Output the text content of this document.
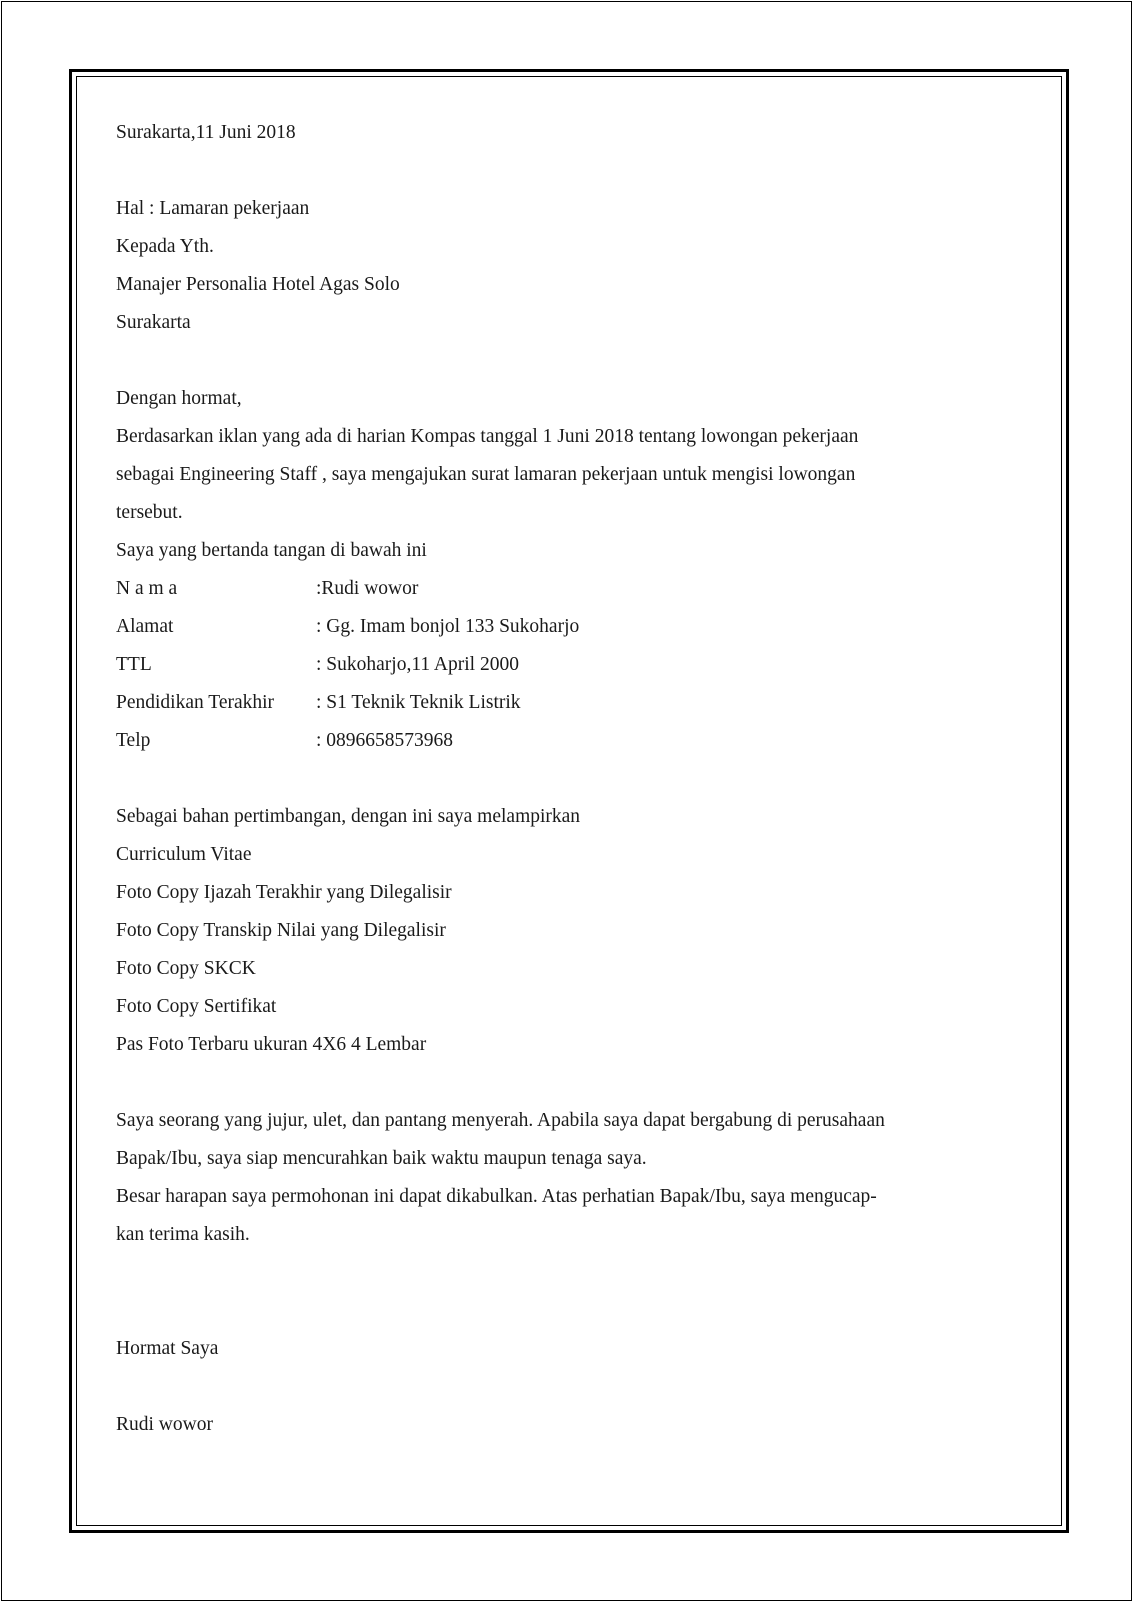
Surakarta,11 Juni 2018

Hal : Lamaran pekerjaan

Kepada Yth.

Manajer Personalia Hotel Agas Solo

Surakarta

Dengan hormat,

Berdasarkan iklan yang ada di harian Kompas tanggal 1 Juni 2018 tentang lowongan pekerjaan

sebagai Engineering Staff , saya mengajukan surat lamaran pekerjaan untuk mengisi lowongan

tersebut.

Saya yang bertanda tangan di bawah ini

N a m a	:Rudi wowor
Alamat	: Gg. Imam bonjol 133 Sukoharjo
TTL	: Sukoharjo,11 April 2000
Pendidikan Terakhir	: S1 Teknik Teknik Listrik
Telp	: 0896658573968

Sebagai bahan pertimbangan, dengan ini saya melampirkan

Curriculum Vitae

Foto Copy Ijazah Terakhir yang Dilegalisir

Foto Copy Transkip Nilai yang Dilegalisir

Foto Copy SKCK

Foto Copy Sertifikat

Pas Foto Terbaru ukuran 4X6 4 Lembar

Saya seorang yang jujur, ulet, dan pantang menyerah. Apabila saya dapat bergabung di perusahaan

Bapak/Ibu, saya siap mencurahkan baik waktu maupun tenaga saya.

Besar harapan saya permohonan ini dapat dikabulkan. Atas perhatian Bapak/Ibu, saya mengucap-

kan terima kasih.

Hormat Saya

Rudi wowor
